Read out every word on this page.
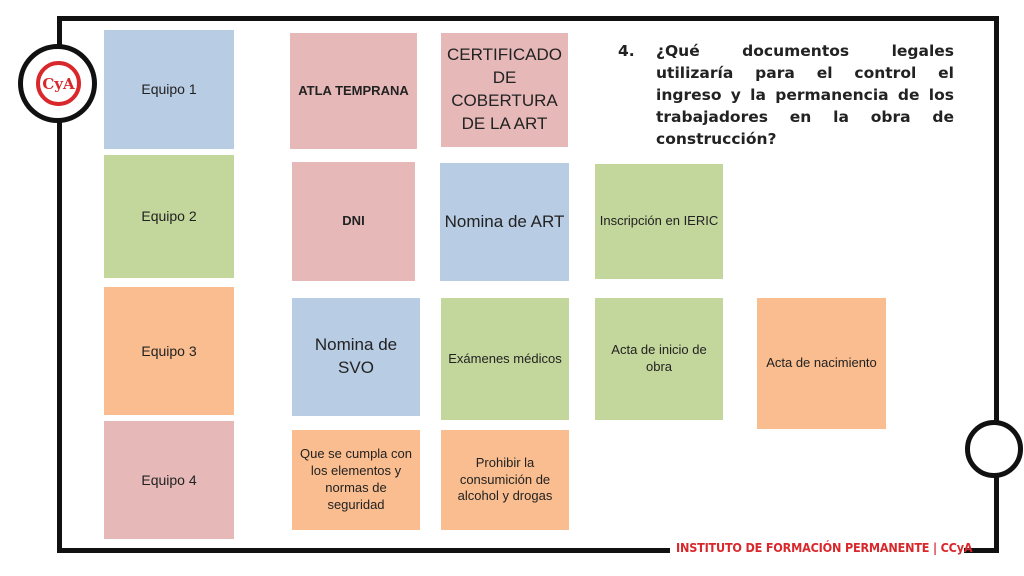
CyA	Equipo 1
Equipo 2
Equipo 3
Equipo 4
ATLA TEMPRANA
CERTIFICADO DE COBERTURA DE LA ART
DNI	Nomina de ART	Inscripción en IERIC
Nomina de SVO	Exámenes médicos
Acta de inicio de obra	Acta de nacimiento
Que se cumpla con los elementos y normas de seguridad
Prohibir la consumición de alcohol y drogas
4. ¿Qué documentos legales utilizaría para el control el ingreso y la permanencia de los trabajadores en la obra de construcción?
INSTITUTO DE FORMACIÓN PERMANENTE | CCyA
